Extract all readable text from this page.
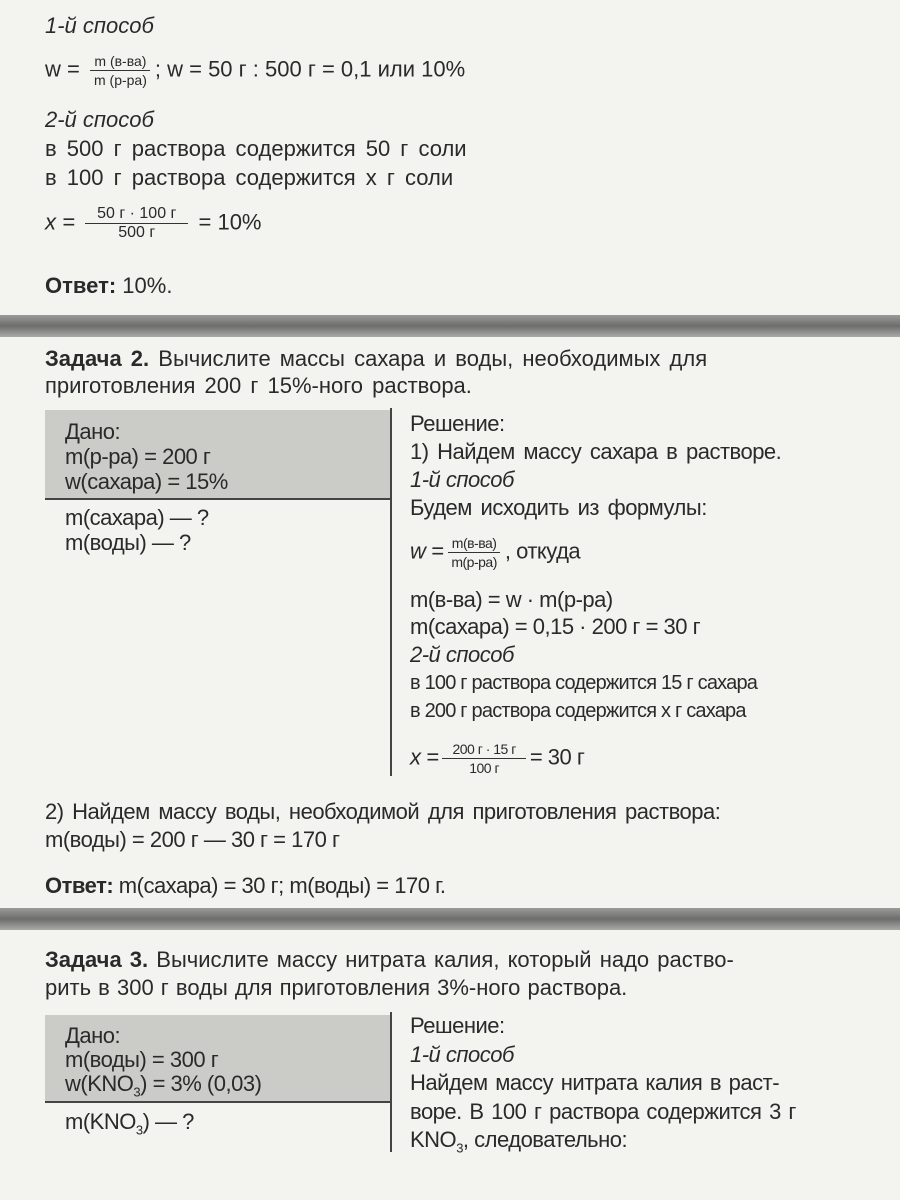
1-й способ
$w = \frac{m (в-ва)}{m (р-ра)}$ ; w = 50 г : 500 г = 0,1 или 10%
2-й способ
в 500 г раствора содержится 50 г соли
в 100 г раствора содержится x г соли
$x = \frac{50 г \cdot 100 г}{500 г} = 10\%$
Ответ: 10%.
Задача 2. Вычислите массы сахара и воды, необходимых для
приготовления 200 г 15%-ного раствора.
Дано:
m(р-ра) = 200 г
w(сахара) = 15%
m(сахара) — ?
m(воды) — ?
Решение:
1) Найдем массу сахара в растворе.
1-й способ
Будем исходить из формулы:
$w = \frac{m(в-ва)}{m(р-ра)}$ , откуда
m(в-ва) = w · m(р-ра)
m(сахара) = 0,15 · 200 г = 30 г
2-й способ
в 100 г раствора содержится 15 г сахара
в 200 г раствора содержится x г сахара
$x = \frac{200 г \cdot 15 г}{100 г} = 30$ г
2) Найдем массу воды, необходимой для приготовления раствора:
m(воды) = 200 г — 30 г = 170 г
Ответ: m(сахара) = 30 г; m(воды) = 170 г.
Задача 3. Вычислите массу нитрата калия, который надо раство-
рить в 300 г воды для приготовления 3%-ного раствора.
Дано:
m(воды) = 300 г
$w(KNO_3) = 3\%$ (0,03)
$m(KNO_3)$ — ?
Решение:
1-й способ
Найдем массу нитрата калия в раст-
воре. В 100 г раствора содержится 3 г
$KNO_3$, следовательно:
